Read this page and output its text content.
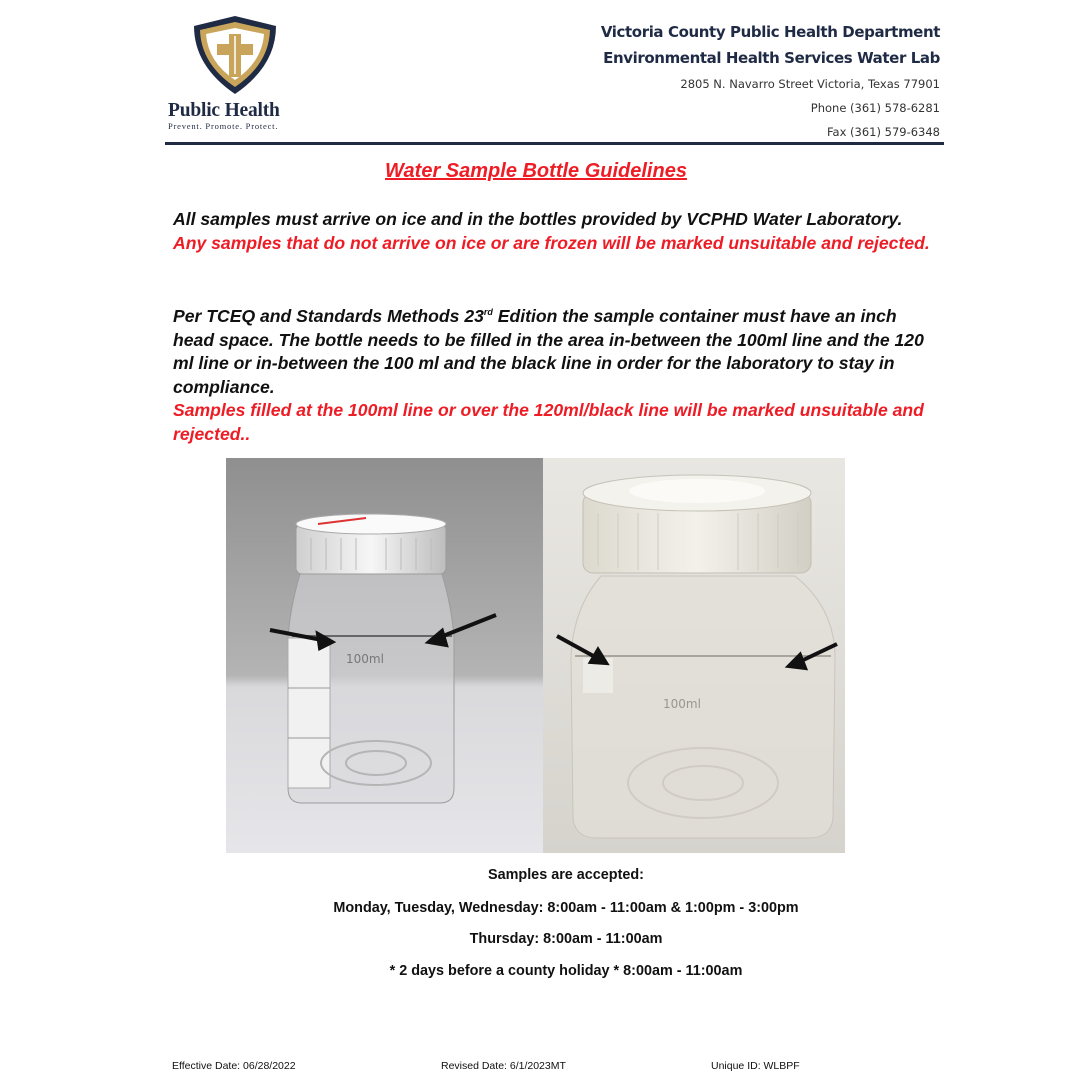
Public Health
Prevent. Promote. Protect.
Victoria County Public Health Department
Environmental Health Services Water Lab
2805 N. Navarro Street Victoria, Texas 77901
Phone (361) 578-6281
Fax (361) 579-6348
Water Sample Bottle Guidelines
All samples must arrive on ice and in the bottles provided by VCPHD Water Laboratory. Any samples that do not arrive on ice or are frozen will be marked unsuitable and rejected.
Per TCEQ and Standards Methods 23rd Edition the sample container must have an inch head space. The bottle needs to be filled in the area in-between the 100ml line and the 120 ml line or in-between the 100 ml and the black line in order for the laboratory to stay in compliance.
Samples filled at the 100ml line or over the 120ml/black line will be marked unsuitable and rejected..
100ml
100ml
Samples are accepted:
Monday, Tuesday, Wednesday: 8:00am - 11:00am & 1:00pm - 3:00pm
Thursday: 8:00am - 11:00am
* 2 days before a county holiday * 8:00am - 11:00am
Effective Date: 06/28/2022	Revised Date: 6/1/2023MT	Unique ID: WLBPF
